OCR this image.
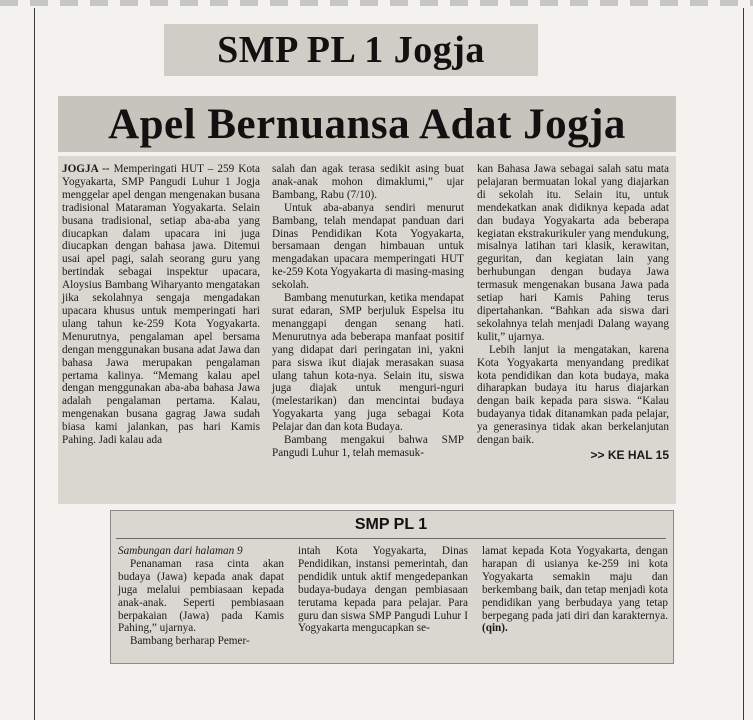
SMP PL 1 Jogja
Apel Bernuansa Adat Jogja

JOGJA -- Memperingati HUT – 259 Kota Yogyakarta, SMP Pangudi Luhur 1 Jogja menggelar apel dengan mengenakan busana tradisional Mataraman Yogyakarta. Selain busana tradisional, setiap aba-aba yang diucapkan dalam upacara ini juga diucapkan dengan bahasa jawa. Ditemui usai apel pagi, salah seorang guru yang bertindak sebagai inspektur upacara, Aloysius Bambang Wiharyanto mengatakan jika sekolahnya sengaja mengadakan upacara khusus untuk memperingati hari ulang tahun ke-259 Kota Yogyakarta. Menurutnya, pengalaman apel bersama dengan menggunakan busana adat Jawa dan bahasa Jawa merupakan pengalaman pertama kalinya. “Memang kalau apel dengan menggunakan aba-aba bahasa Jawa adalah pengalaman pertama. Kalau, mengenakan busana gagrag Jawa sudah biasa kami jalankan, pas hari Kamis Pahing. Jadi kalau ada

salah dan agak terasa sedikit asing buat anak-anak mohon dimaklumi,” ujar Bambang, Rabu (7/10).

Untuk aba-abanya sendiri menurut Bambang, telah mendapat panduan dari Dinas Pendidikan Kota Yogyakarta, bersamaan dengan himbauan untuk mengadakan upacara memperingati HUT ke-259 Kota Yogyakarta di masing-masing sekolah.

Bambang menuturkan, ketika mendapat surat edaran, SMP berjuluk Espelsa itu menanggapi dengan senang hati. Menurutnya ada beberapa manfaat positif yang didapat dari peringatan ini, yakni para siswa ikut diajak merasakan suasa ulang tahun kota-nya. Selain itu, siswa juga diajak untuk menguri-nguri (melestarikan) dan mencintai budaya Yogyakarta yang juga sebagai Kota Pelajar dan dan kota Budaya.

Bambang mengakui bahwa SMP Pangudi Luhur 1, telah memasuk-

kan Bahasa Jawa sebagai salah satu mata pelajaran bermuatan lokal yang diajarkan di sekolah itu. Selain itu, untuk mendekatkan anak didiknya kepada adat dan budaya Yogyakarta ada beberapa kegiatan ekstrakurikuler yang mendukung, misalnya latihan tari klasik, kerawitan, geguritan, dan kegiatan lain yang berhubungan dengan budaya Jawa termasuk mengenakan busana Jawa pada setiap hari Kamis Pahing terus dipertahankan. “Bahkan ada siswa dari sekolahnya telah menjadi Dalang wayang kulit,” ujarnya.

Lebih lanjut ia mengatakan, karena Kota Yogyakarta menyandang predikat kota pendidikan dan kota budaya, maka diharapkan budaya itu harus diajarkan dengan baik kepada para siswa. “Kalau budayanya tidak ditanamkan pada pelajar, ya generasinya tidak akan berkelanjutan dengan baik.

>> KE HAL 15
SMP PL 1

Sambungan dari halaman 9

Penanaman rasa cinta akan budaya (Jawa) kepada anak dapat juga melalui pembiasaan kepada anak-anak. Seperti pembiasaan berpakaian (Jawa) pada Kamis Pahing,” ujarnya.

Bambang berharap Pemer-

intah Kota Yogyakarta, Dinas Pendidikan, instansi pemerintah, dan pendidik untuk aktif mengedepankan budaya-budaya dengan pembiasaan terutama kepada para pelajar. Para guru dan siswa SMP Pangudi Luhur I Yogyakarta mengucapkan se-

lamat kepada Kota Yogyakarta, dengan harapan di usianya ke-259 ini kota Yogyakarta semakin maju dan berkembang baik, dan tetap menjadi kota pendidikan yang berbudaya yang tetap berpegang pada jati diri dan karakternya. (qin).
